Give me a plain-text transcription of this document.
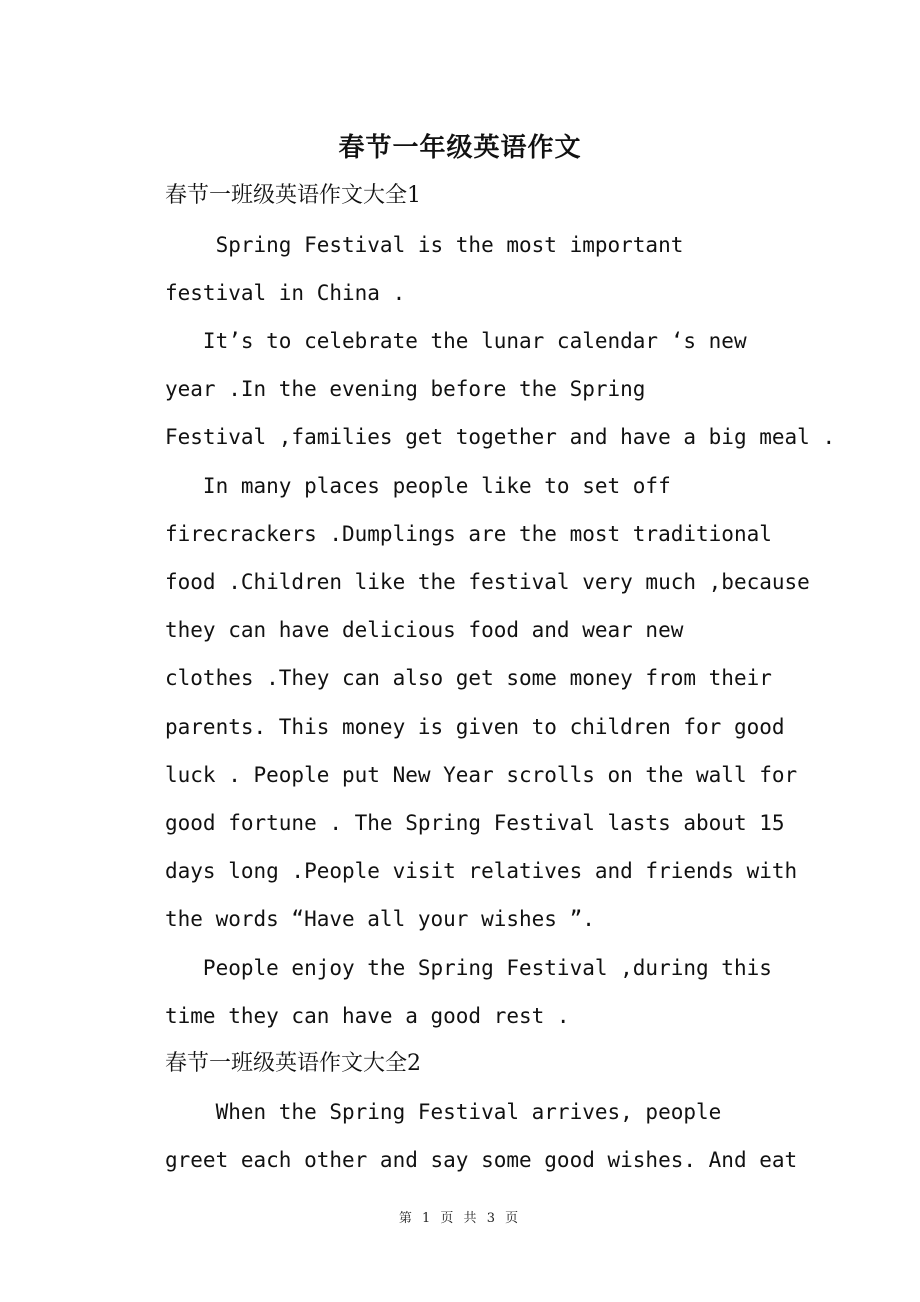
春节一年级英语作文
春节一班级英语作文大全1
Spring Festival is the most important
festival in China .
It’s to celebrate the lunar calendar ‘s new
year .In the evening before the Spring
Festival ,families get together and have a big meal .
In many places people like to set off
firecrackers .Dumplings are the most traditional
food .Children like the festival very much ,because
they can have delicious food and wear new
clothes .They can also get some money from their
parents. This money is given to children for good
luck . People put New Year scrolls on the wall for
good fortune . The Spring Festival lasts about 15
days long .People visit relatives and friends with
the words “Have all your wishes ”.
People enjoy the Spring Festival ,during this
time they can have a good rest .
春节一班级英语作文大全2
When the Spring Festival arrives, people
greet each other and say some good wishes. And eat
第 1 页 共 3 页
